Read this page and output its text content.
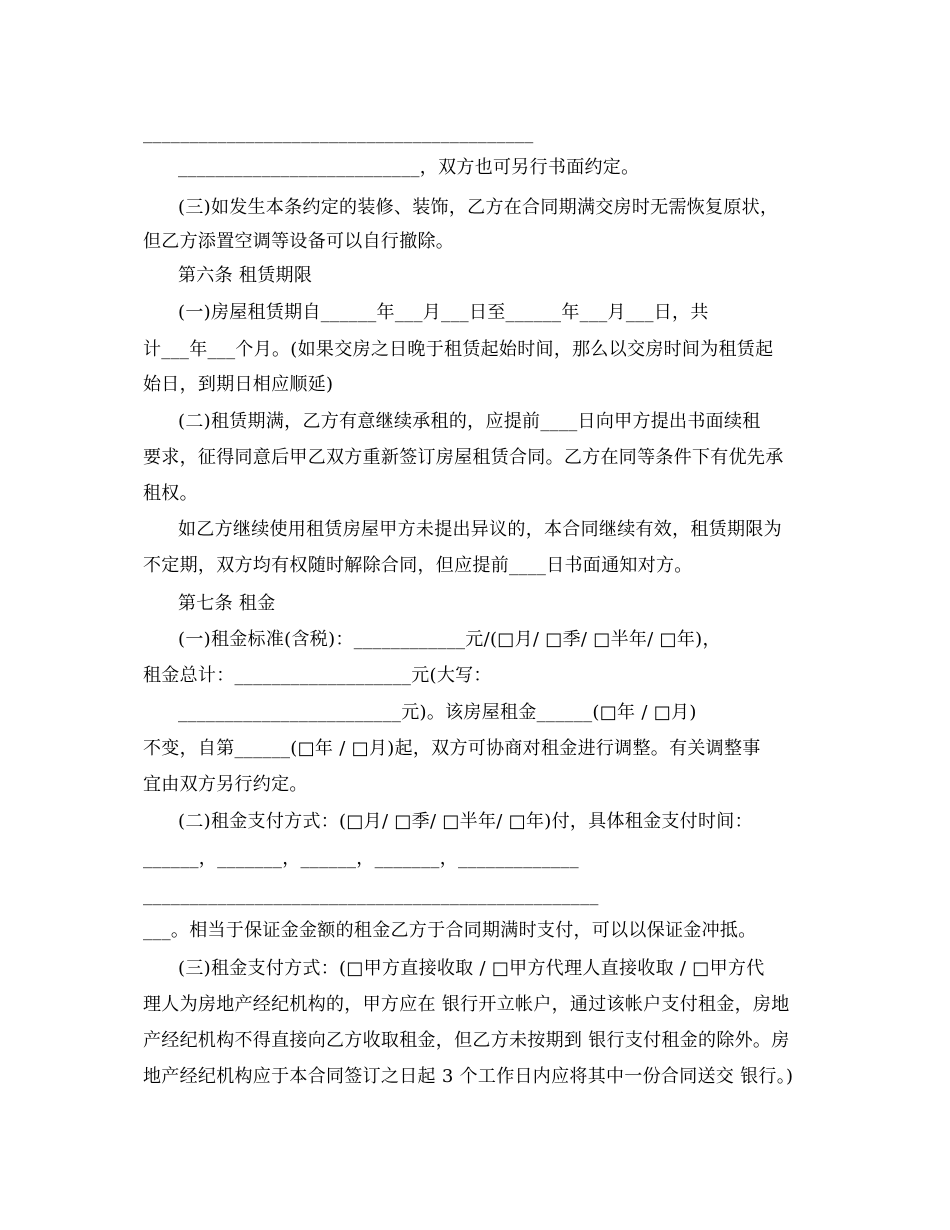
__________________________________________
__________________________，双方也可另行书面约定。
(三)如发生本条约定的装修、装饰，乙方在合同期满交房时无需恢复原状，
但乙方添置空调等设备可以自行撤除。
第六条 租赁期限
(一)房屋租赁期自______年___月___日至______年___月___日，共
计___年___个月。(如果交房之日晚于租赁起始时间，那么以交房时间为租赁起
始日，到期日相应顺延)
(二)租赁期满，乙方有意继续承租的，应提前____日向甲方提出书面续租
要求，征得同意后甲乙双方重新签订房屋租赁合同。乙方在同等条件下有优先承
租权。
如乙方继续使用租赁房屋甲方未提出异议的，本合同继续有效，租赁期限为
不定期，双方均有权随时解除合同，但应提前____日书面通知对方。
第七条 租金
(一)租金标准(含税)：____________元/(□月/ □季/ □半年/ □年)，
租金总计：___________________元(大写：
________________________元)。该房屋租金______(□年 / □月)
不变，自第______(□年 / □月)起，双方可协商对租金进行调整。有关调整事
宜由双方另行约定。
(二)租金支付方式：(□月/ □季/ □半年/ □年)付，具体租金支付时间：
______，_______，______，_______，_____________
_________________________________________________
___。相当于保证金金额的租金乙方于合同期满时支付，可以以保证金冲抵。
(三)租金支付方式：(□甲方直接收取 / □甲方代理人直接收取 / □甲方代
理人为房地产经纪机构的，甲方应在 银行开立帐户，通过该帐户支付租金，房地
产经纪机构不得直接向乙方收取租金，但乙方未按期到 银行支付租金的除外。房
地产经纪机构应于本合同签订之日起 3 个工作日内应将其中一份合同送交 银行。)
